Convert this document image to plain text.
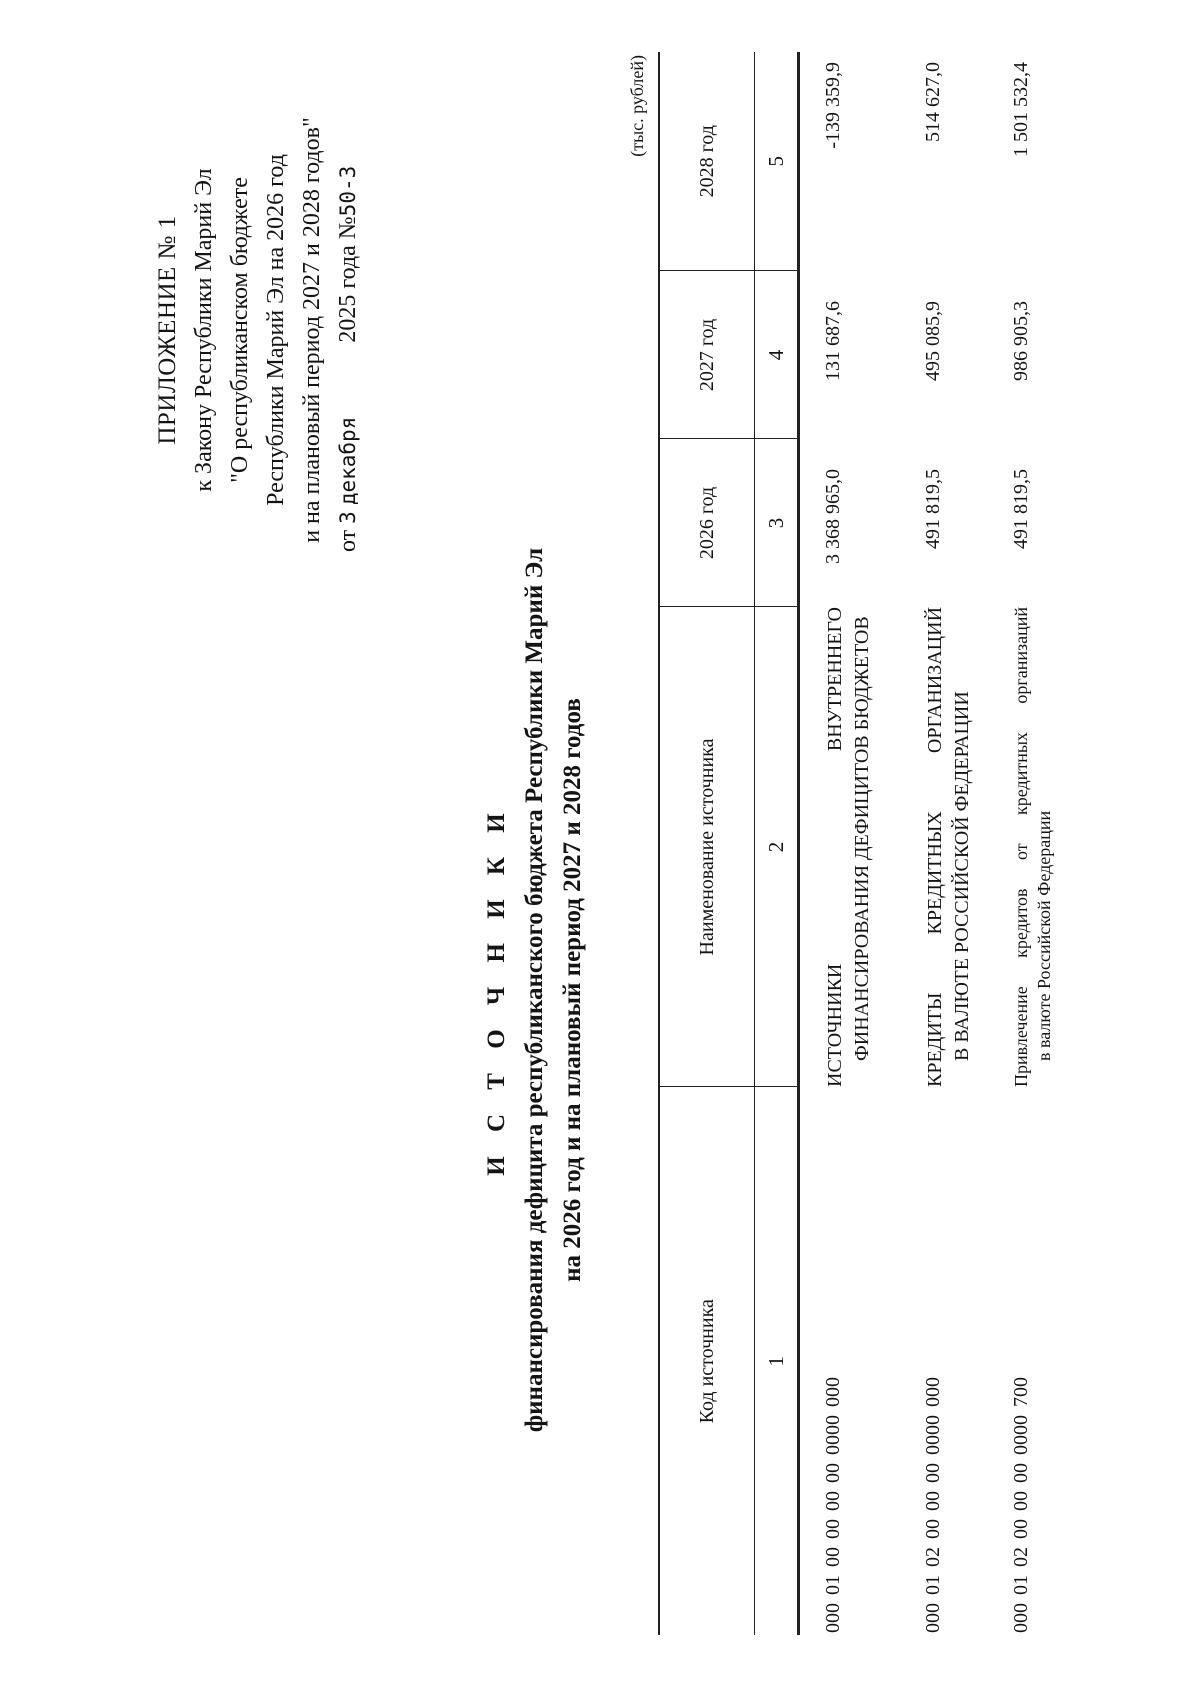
ПРИЛОЖЕНИЕ № 1 к Закону Республики Марий Эл "О республиканском бюджете Республики Марий Эл на 2026 год и на плановый период 2027 и 2028 годов" от 3 декабря  2025 года №50-3
И С Т О Ч Н И К И финансирования дефицита республиканского бюджета Республики Марий Эл на 2026 год и на плановый период 2027 и 2028 годов
(тыс. рублей)
Код источника	Наименование источника	2026 год	2027 год	2028 год
1	2	3	4	5
000 01 00 00 00 00 0000 000	ИСТОЧНИКИ ВНУТРЕННЕГО ФИНАНСИРОВАНИЯ ДЕФИЦИТОВ БЮДЖЕТОВ	3 368 965,0	131 687,6	-139 359,9
000 01 02 00 00 00 0000 000	КРЕДИТЫ КРЕДИТНЫХ ОРГАНИЗАЦИЙ
В ВАЛЮТЕ РОССИЙСКОЙ ФЕДЕРАЦИИ	491 819,5	495 085,9	514 627,0
000 01 02 00 00 00 0000 700	Привлечение кредитов от кредитных организаций в валюте Российской Федерации	491 819,5	986 905,3	1 501 532,4
